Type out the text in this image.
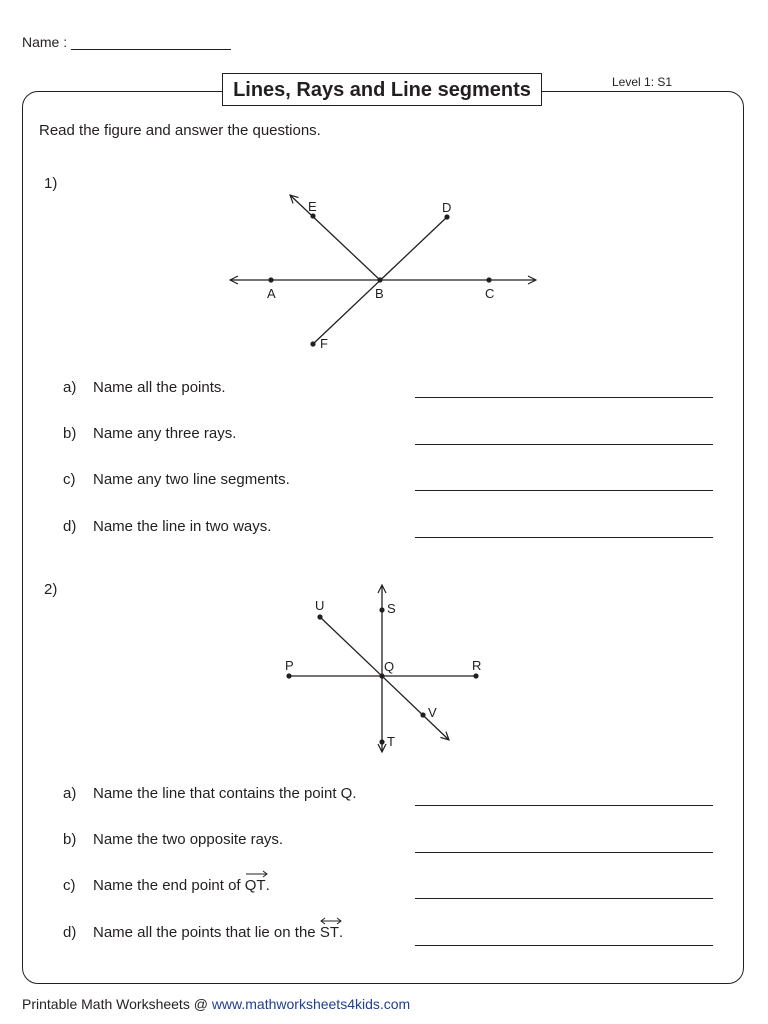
Name :
Level 1: S1
Lines, Rays and Line segments
Read the figure and answer the questions.
1)
A	B	C
D
E
F
a) Name all the points.
b) Name any three rays.
c) Name any two line segments.
d) Name the line in two ways.
2)
P	Q	R
S
T
U
V
a) Name the line that contains the point Q.
b) Name the two opposite rays.
c) Name the end point of
QT.
d) Name all the points that lie on the
ST.
Printable Math Worksheets @ www.mathworksheets4kids.com
